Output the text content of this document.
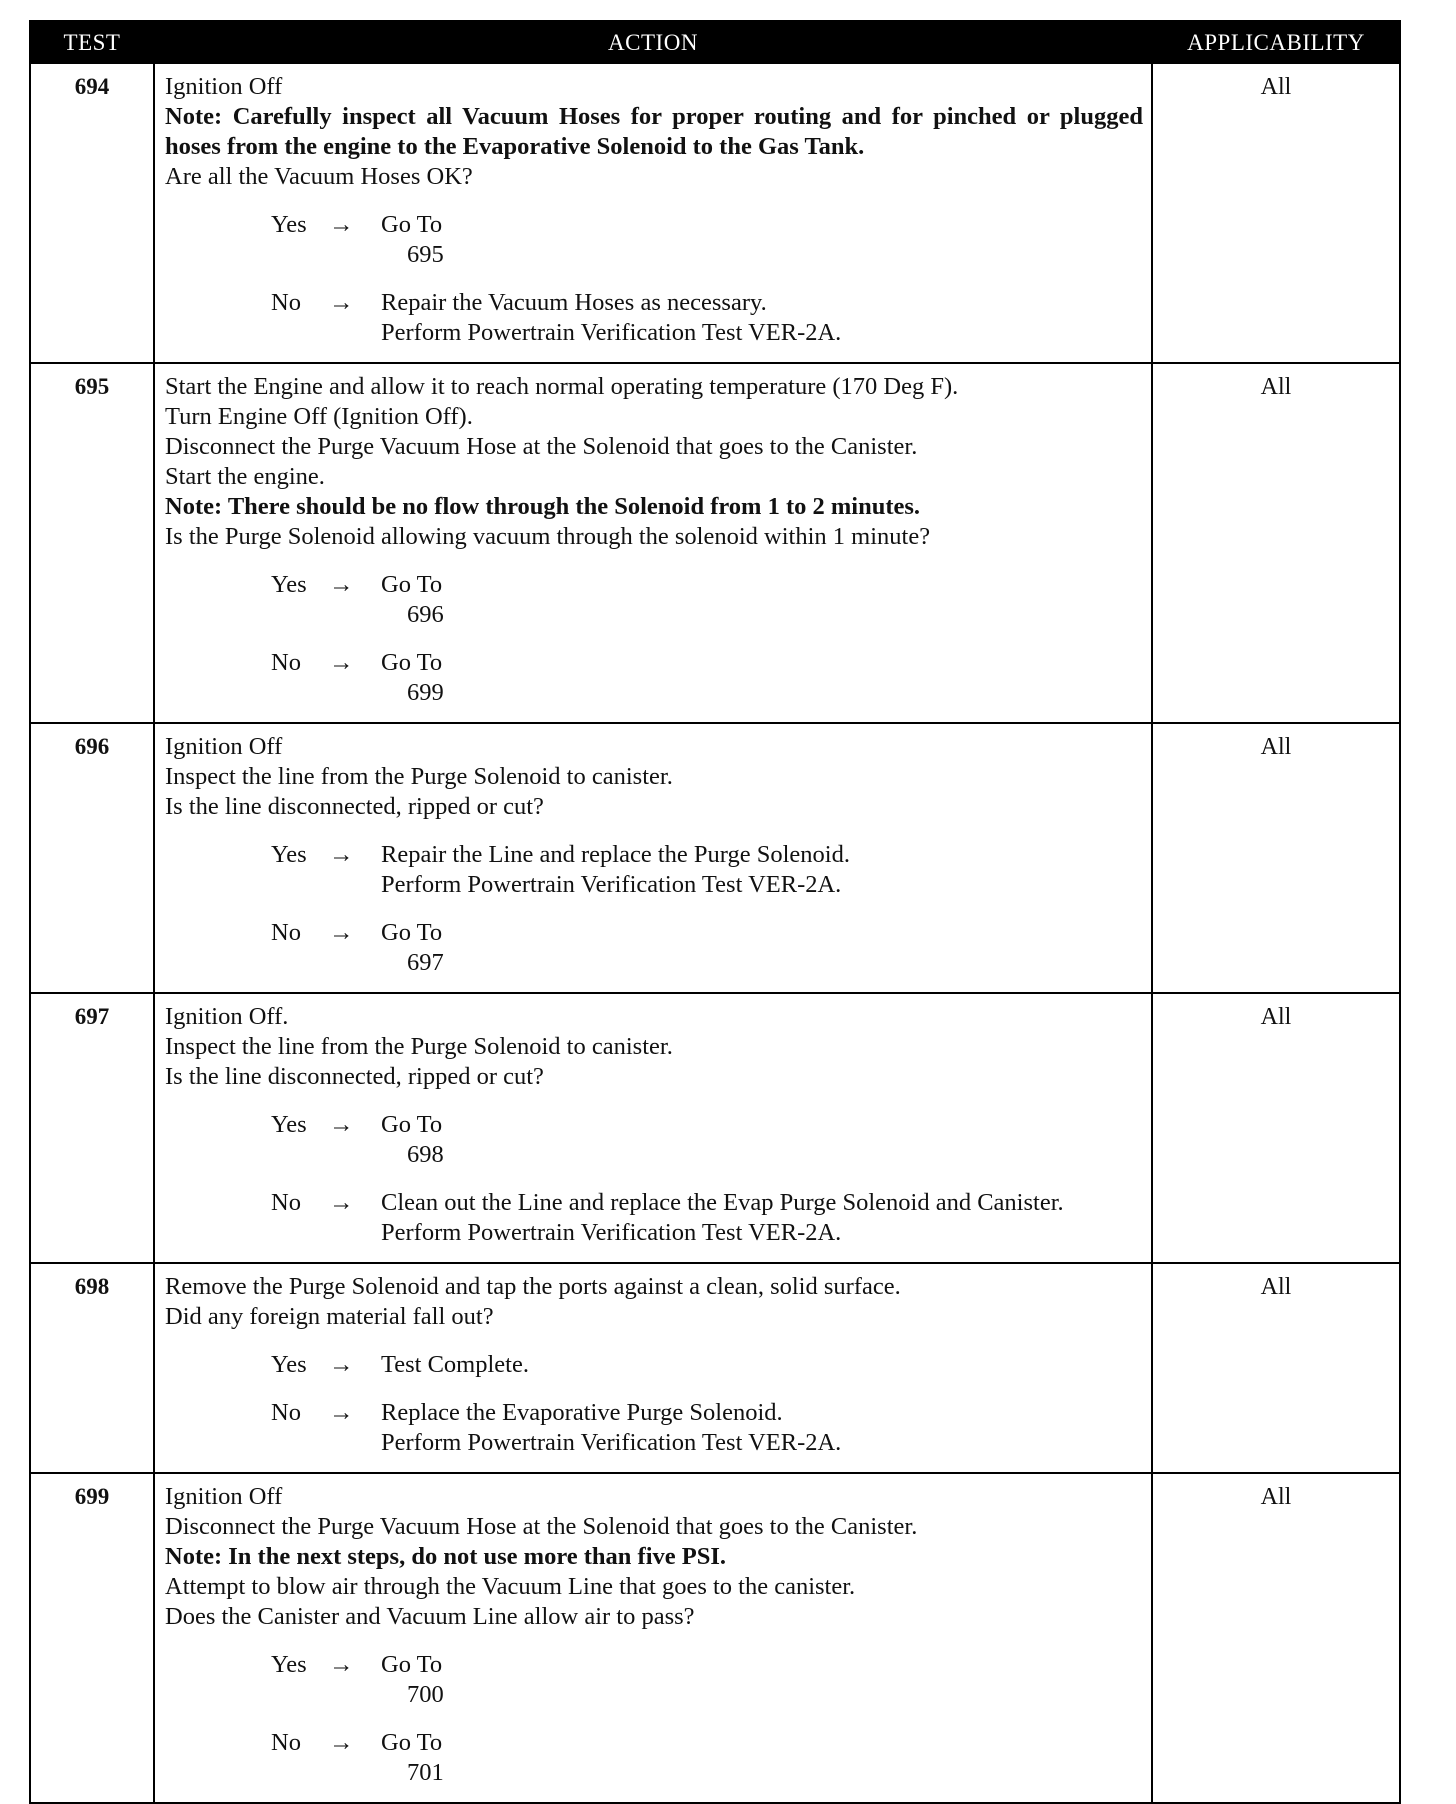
TEST	ACTION	APPLICABILITY
694	Ignition Off
Note: Carefully inspect all Vacuum Hoses for proper routing and for pinched or plugged hoses from the engine to the Evaporative Solenoid to the Gas Tank.
Are all the Vacuum Hoses OK?
Yes →	Go To
695
No	→	Repair the Vacuum Hoses as necessary.
Perform Powertrain Verification Test VER-2A.
All
695	Start the Engine and allow it to reach normal operating temperature (170 Deg F).
Turn Engine Off (Ignition Off).
Disconnect the Purge Vacuum Hose at the Solenoid that goes to the Canister.
Start the engine.
Note: There should be no flow through the Solenoid from 1 to 2 minutes.
Is the Purge Solenoid allowing vacuum through the solenoid within 1 minute?
Yes →	Go To
696
No	→	Go To
699
All
696	Ignition Off
Inspect the line from the Purge Solenoid to canister.
Is the line disconnected, ripped or cut?
Yes →	Repair the Line and replace the Purge Solenoid.
Perform Powertrain Verification Test VER-2A.
No	→	Go To
697
All
697	Ignition Off.
Inspect the line from the Purge Solenoid to canister.
Is the line disconnected, ripped or cut?
Yes →	Go To
698
No	→	Clean out the Line and replace the Evap Purge Solenoid and Canister.
Perform Powertrain Verification Test VER-2A.
All
698	Remove the Purge Solenoid and tap the ports against a clean, solid surface.
Did any foreign material fall out?
Yes →	Test Complete.
No	→	Replace the Evaporative Purge Solenoid.
Perform Powertrain Verification Test VER-2A.
All
699	Ignition Off
Disconnect the Purge Vacuum Hose at the Solenoid that goes to the Canister.
Note: In the next steps, do not use more than five PSI.
Attempt to blow air through the Vacuum Line that goes to the canister.
Does the Canister and Vacuum Line allow air to pass?
Yes →	Go To
700
No	→	Go To
701
All
